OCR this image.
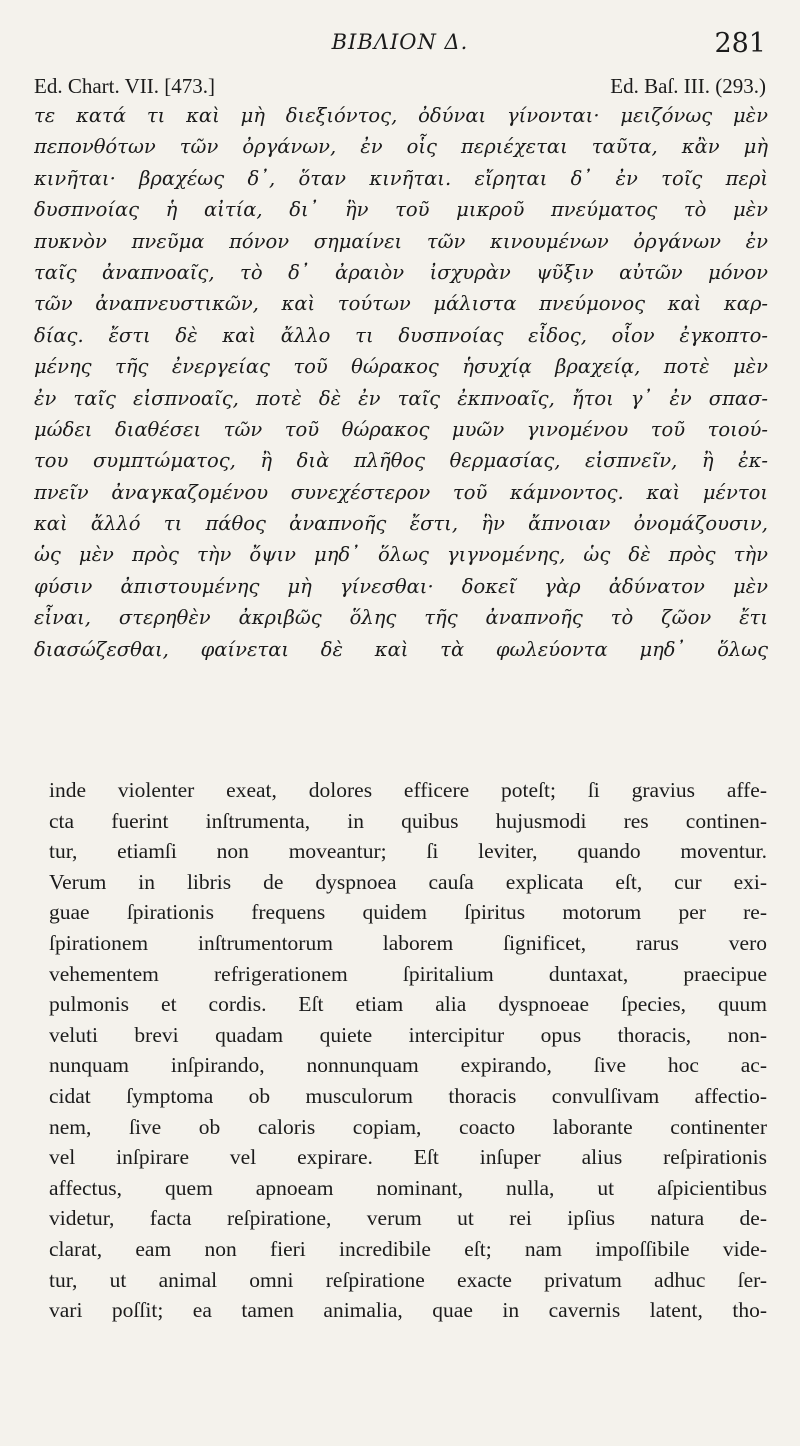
ΒΙΒΛΙΟΝ Δ.	281
Ed. Chart. VII. [473.]	Ed. Baſ. III. (293.)
τε κατά τι καὶ μὴ διεξιόντος, ὀδύναι γίνονται· μειζόνως μὲν
πεπονθότων τῶν ὀργάνων, ἐν οἷς περιέχεται ταῦτα, κἂν μὴ
κινῆται· βραχέως δ᾽, ὅταν κινῆται. εἴρηται δ᾽ ἐν τοῖς περὶ
δυσπνοίας ἡ αἰτία, δι᾽ ἣν τοῦ μικροῦ πνεύματος τὸ μὲν
πυκνὸν πνεῦμα πόνον σημαίνει τῶν κινουμένων ὀργάνων ἐν
ταῖς ἀναπνοαῖς, τὸ δ᾽ ἀραιὸν ἰσχυρὰν ψῦξιν αὐτῶν μόνον
τῶν ἀναπνευστικῶν, καὶ τούτων μάλιστα πνεύμονος καὶ καρ-
δίας. ἔστι δὲ καὶ ἄλλο τι δυσπνοίας εἶδος, οἷον ἐγκοπτο-
μένης τῆς ἐνεργείας τοῦ θώρακος ἡσυχίᾳ βραχείᾳ, ποτὲ μὲν
ἐν ταῖς εἰσπνοαῖς, ποτὲ δὲ ἐν ταῖς ἐκπνοαῖς, ἤτοι γ᾽ ἐν σπασ-
μώδει διαθέσει τῶν τοῦ θώρακος μυῶν γινομένου τοῦ τοιού-
του συμπτώματος, ἢ διὰ πλῆθος θερμασίας, εἰσπνεῖν, ἢ ἐκ-
πνεῖν ἀναγκαζομένου συνεχέστερον τοῦ κάμνοντος. καὶ μέντοι
καὶ ἄλλό τι πάθος ἀναπνοῆς ἔστι, ἣν ἄπνοιαν ὀνομάζουσιν,
ὡς μὲν πρὸς τὴν ὄψιν μηδ᾽ ὅλως γιγνομένης, ὡς δὲ πρὸς τὴν
φύσιν ἀπιστουμένης μὴ γίνεσθαι· δοκεῖ γὰρ ἀδύνατον μὲν
εἶναι, στερηθὲν ἀκριβῶς ὅλης τῆς ἀναπνοῆς τὸ ζῶον ἔτι
διασώζεσθαι, φαίνεται δὲ καὶ τὰ φωλεύοντα μηδ᾽ ὅλως
inde violenter exeat, dolores efficere poteſt; ſi gravius affe-
cta fuerint inſtrumenta, in quibus hujusmodi res continen-
tur, etiamſi non moveantur; ſi leviter, quando moventur.
Verum in libris de dyspnoea cauſa explicata eſt, cur exi-
guae ſpirationis frequens quidem ſpiritus motorum per re-
ſpirationem inſtrumentorum laborem ſignificet, rarus vero
vehementem refrigerationem ſpiritalium duntaxat, praecipue
pulmonis et cordis. Eſt etiam alia dyspnoeae ſpecies, quum
veluti brevi quadam quiete intercipitur opus thoracis, non-
nunquam inſpirando, nonnunquam expirando, ſive hoc ac-
cidat ſymptoma ob musculorum thoracis convulſivam affectio-
nem, ſive ob caloris copiam, coacto laborante continenter
vel inſpirare vel expirare. Eſt inſuper alius reſpirationis
affectus, quem apnoeam nominant, nulla, ut aſpicientibus
videtur, facta reſpiratione, verum ut rei ipſius natura de-
clarat, eam non fieri incredibile eſt; nam impoſſibile vide-
tur, ut animal omni reſpiratione exacte privatum adhuc ſer-
vari poſſit; ea tamen animalia, quae in cavernis latent, tho-
